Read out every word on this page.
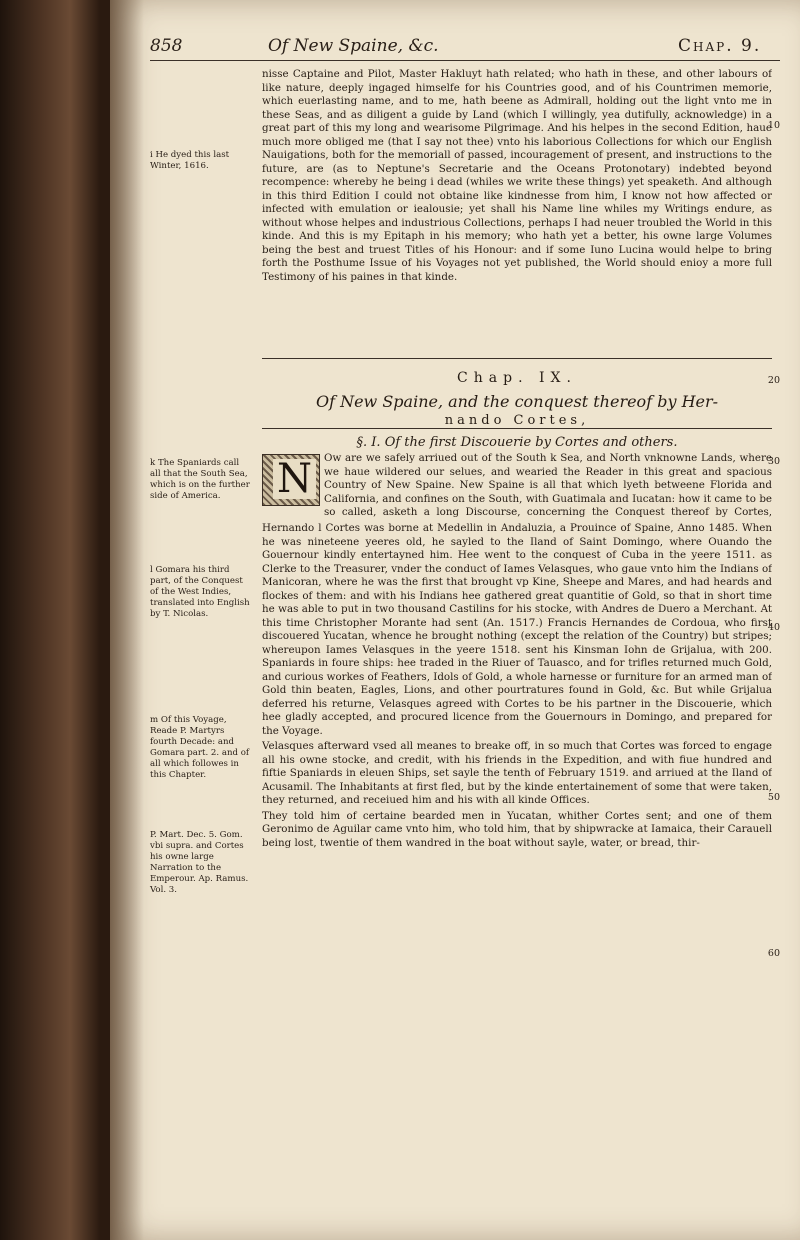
858	Of New Spaine, &c.	Chap. 9.
nisse Captaine and Pilot, Master Hakluyt hath related; who hath in these, and other labours of like nature, deeply ingaged himselfe for his Countries good, and of his Countrimen memorie, which euerlasting name, and to me, hath beene as Admirall, holding out the light vnto me in these Seas, and as diligent a guide by Land (which I willingly, yea dutifully, acknowledge) in a great part of this my long and wearisome Pilgrimage. And his helpes in the second Edition, haue much more obliged me (that I say not thee) vnto his laborious Collections for which our English Nauigations, both for the memoriall of passed, incouragement of present, and instructions to the future, are (as to Neptune's Secretarie and the Oceans Protonotary) indebted beyond recompence: whereby he being i dead (whiles we write these things) yet speaketh. And although in this third Edition I could not obtaine like kindnesse from him, I know not how affected or infected with emulation or iealousie; yet shall his Name line whiles my Writings endure, as without whose helpes and industrious Collections, perhaps I had neuer troubled the World in this kinde. And this is my Epitaph in his memory; who hath yet a better, his owne large Volumes being the best and truest Titles of his Honour: and if some Iuno Lucina would helpe to bring forth the Posthume Issue of his Voyages not yet published, the World should enioy a more full Testimony of his paines in that kinde.
Chap. IX.
Of New Spaine, and the conquest thereof by Her-
nando Cortes,
§. I. Of the first Discouerie by Cortes and others.
N	Ow are we safely arriued out of the South k Sea, and North vnknowne Lands, where we haue wildered our selues, and wearied the Reader in this great and spacious Country of New Spaine. New Spaine is all that which lyeth betweene Florida and California, and confines on the South, with Guatimala and Iucatan: how it came to be so called, asketh a long Discourse, concerning the Conquest thereof by Cortes,

Hernando l Cortes was borne at Medellin in Andaluzia, a Prouince of Spaine, Anno 1485. When he was nineteene yeeres old, he sayled to the Iland of Saint Domingo, where Ouando the Gouernour kindly entertayned him. Hee went to the conquest of Cuba in the yeere 1511. as Clerke to the Treasurer, vnder the conduct of Iames Velasques, who gaue vnto him the Indians of Manicoran, where he was the first that brought vp Kine, Sheepe and Mares, and had heards and flockes of them: and with his Indians hee gathered great quantitie of Gold, so that in short time he was able to put in two thousand Castilins for his stocke, with Andres de Duero a Merchant. At this time Christopher Morante had sent (An. 1517.) Francis Hernandes de Cordoua, who first discouered Yucatan, whence he brought nothing (except the relation of the Country) but stripes; whereupon Iames Velasques in the yeere 1518. sent his Kinsman Iohn de Grijalua, with 200. Spaniards in foure ships: hee traded in the Riuer of Tauasco, and for trifles returned much Gold, and curious workes of Feathers, Idols of Gold, a whole harnesse or furniture for an armed man of Gold thin beaten, Eagles, Lions, and other pourtratures found in Gold, &c. But while Grijalua deferred his returne, Velasques agreed with Cortes to be his partner in the Discouerie, which hee gladly accepted, and procured licence from the Gouernours in Domingo, and prepared for the Voyage.

Velasques afterward vsed all meanes to breake off, in so much that Cortes was forced to engage all his owne stocke, and credit, with his friends in the Expedition, and with fiue hundred and fiftie Spaniards in eleuen Ships, set sayle the tenth of February 1519. and arriued at the Iland of Acusamil. The Inhabitants at first fled, but by the kinde entertainement of some that were taken, they returned, and receiued him and his with all kinde Offices.

They told him of certaine bearded men in Yucatan, whither Cortes sent; and one of them Geronimo de Aguilar came vnto him, who told him, that by shipwracke at Iamaica, their Carauell being lost, twentie of them wandred in the boat without sayle, water, or bread, thir-

i He dyed this last Winter, 1616.
k The Spaniards call all that the South Sea, which is on the further side of America.
l Gomara his third part, of the Conquest of the West Indies, translated into English by T. Nicolas.
m Of this Voyage, Reade P. Martyrs fourth Decade: and Gomara part. 2. and of all which followes in this Chapter.
P. Mart. Dec. 5. Gom. vbi supra. and Cortes his owne large Narration to the Emperour. Ap. Ramus. Vol. 3.
10
20
30
40
50
60
